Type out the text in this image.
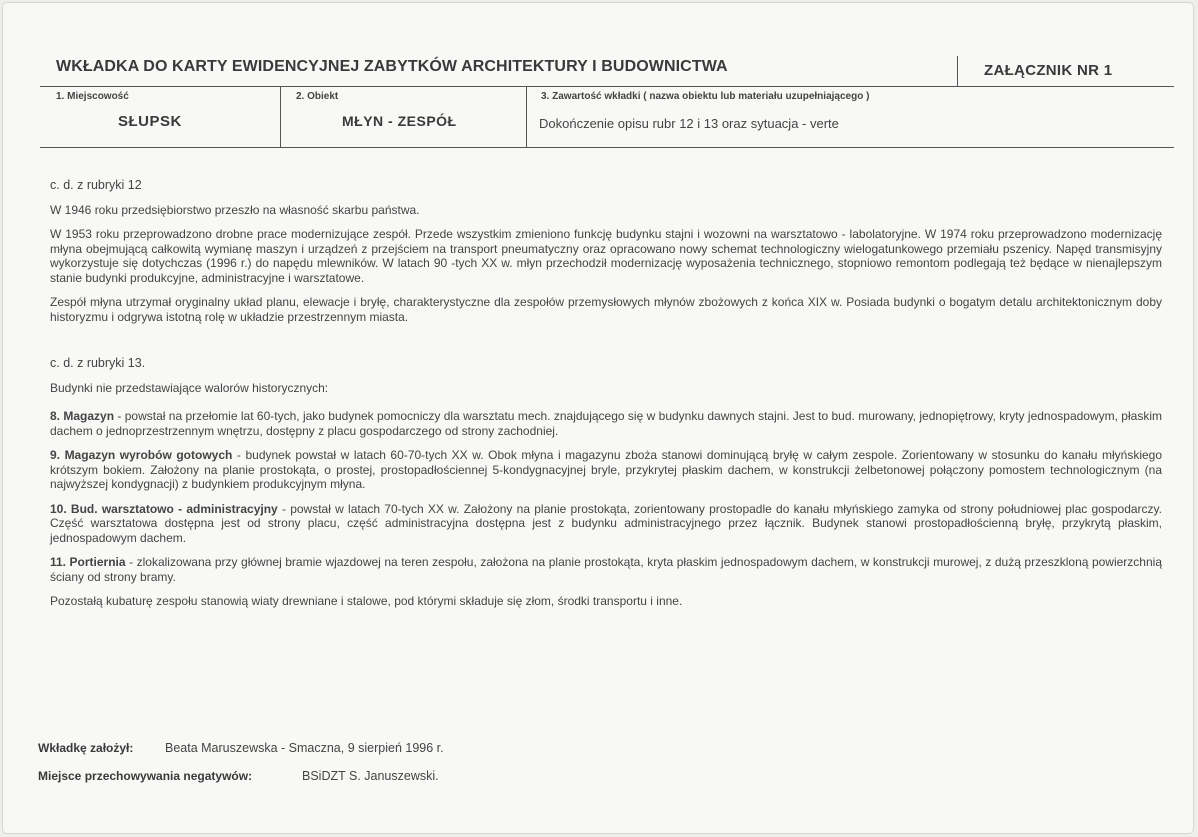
WKŁADKA DO KARTY EWIDENCYJNEJ ZABYTKÓW ARCHITEKTURY I BUDOWNICTWA	ZAŁĄCZNIK NR 1
1. Miejscowość
SŁUPSK
2. Obiekt
MŁYN - ZESPÓŁ
3. Zawartość wkładki ( nazwa obiektu lub materiału uzupełniającego )
Dokończenie opisu rubr 12 i 13 oraz sytuacja - verte

c. d. z rubryki 12

W 1946 roku przedsiębiorstwo przeszło na własność skarbu państwa.

W 1953 roku przeprowadzono drobne prace modernizujące zespół. Przede wszystkim zmieniono funkcję budynku stajni i wozowni na warsztatowo - labolatoryjne. W 1974 roku przeprowadzono modernizację młyna obejmującą całkowitą wymianę maszyn i urządzeń z przejściem na transport pneumatyczny oraz opracowano nowy schemat technologiczny wielogatunkowego przemiału pszenicy. Napęd transmisyjny wykorzystuje się dotychczas (1996 r.) do napędu mlewników. W latach 90 -tych XX w. młyn przechodził modernizację wyposażenia technicznego, stopniowo remontom podlegają też będące w nienajlepszym stanie budynki produkcyjne, administracyjne i warsztatowe.

Zespół młyna utrzymał oryginalny układ planu, elewacje i bryłę, charakterystyczne dla zespołów przemysłowych młynów zbożowych z końca XIX w. Posiada budynki o bogatym detalu architektonicznym doby historyzmu i odgrywa istotną rolę w układzie przestrzennym miasta.

c. d. z rubryki 13.

Budynki nie przedstawiające walorów historycznych:

8. Magazyn - powstał na przełomie lat 60-tych, jako budynek pomocniczy dla warsztatu mech. znajdującego się w budynku dawnych stajni. Jest to bud. murowany, jednopiętrowy, kryty jednospadowym, płaskim dachem o jednoprzestrzennym wnętrzu, dostępny z placu gospodarczego od strony zachodniej.

9. Magazyn wyrobów gotowych - budynek powstał w latach 60-70-tych XX w. Obok młyna i magazynu zboża stanowi dominującą bryłę w całym zespole. Zorientowany w stosunku do kanału młyńskiego krótszym bokiem. Założony na planie prostokąta, o prostej, prostopadłościennej 5-kondygnacyjnej bryle, przykrytej płaskim dachem, w konstrukcji żelbetonowej połączony pomostem technologicznym (na najwyższej kondygnacji) z budynkiem produkcyjnym młyna.

10. Bud. warsztatowo - administracyjny - powstał w latach 70-tych XX w. Założony na planie prostokąta, zorientowany prostopadle do kanału młyńskiego zamyka od strony południowej plac gospodarczy. Część warsztatowa dostępna jest od strony placu, część administracyjna dostępna jest z budynku administracyjnego przez łącznik. Budynek stanowi prostopadłościenną bryłę, przykrytą płaskim, jednospadowym dachem.

11. Portiernia - zlokalizowana przy głównej bramie wjazdowej na teren zespołu, założona na planie prostokąta, kryta płaskim jednospadowym dachem, w konstrukcji murowej, z dużą przeszkloną powierzchnią ściany od strony bramy.

Pozostałą kubaturę zespołu stanowią wiaty drewniane i stalowe, pod którymi składuje się złom, środki transportu i inne.

Wkładkę założył:	Beata Maruszewska - Smaczna, 9 sierpień 1996 r.
Miejsce przechowywania negatywów:	BSiDZT S. Januszewski.
